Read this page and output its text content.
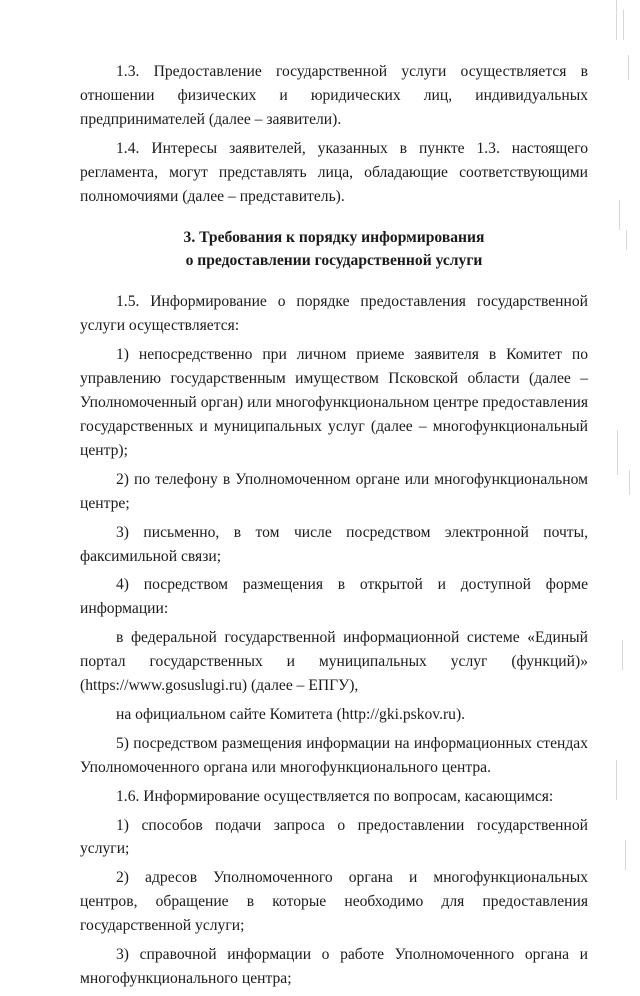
1.3. Предоставление государственной услуги осуществляется в отношении физических и юридических лиц, индивидуальных предпринимателей (далее – заявители).

1.4. Интересы заявителей, указанных в пункте 1.3. настоящего регламента, могут представлять лица, обладающие соответствующими полномочиями (далее – представитель).

3. Требования к порядку информирования

о предоставлении государственной услуги

1.5. Информирование о порядке предоставления государственной услуги осуществляется:

1) непосредственно при личном приеме заявителя в Комитет по управлению государственным имуществом Псковской области (далее – Уполномоченный орган) или многофункциональном центре предоставления государственных и муниципальных услуг (далее – многофункциональный центр);

2) по телефону в Уполномоченном органе или многофункциональном центре;

3) письменно, в том числе посредством электронной почты, факсимильной связи;

4) посредством размещения в открытой и доступной форме информации:

в федеральной государственной информационной системе «Единый портал государственных и муниципальных услуг (функций)» (https://www.gosuslugi.ru) (далее – ЕПГУ),

на официальном сайте Комитета (http://gki.pskov.ru).

5) посредством размещения информации на информационных стендах Уполномоченного органа или многофункционального центра.

1.6. Информирование осуществляется по вопросам, касающимся:

1) способов подачи запроса о предоставлении государственной услуги;

2) адресов Уполномоченного органа и многофункциональных центров, обращение в которые необходимо для предоставления государственной услуги;

3) справочной информации о работе Уполномоченного органа и многофункционального центра;
